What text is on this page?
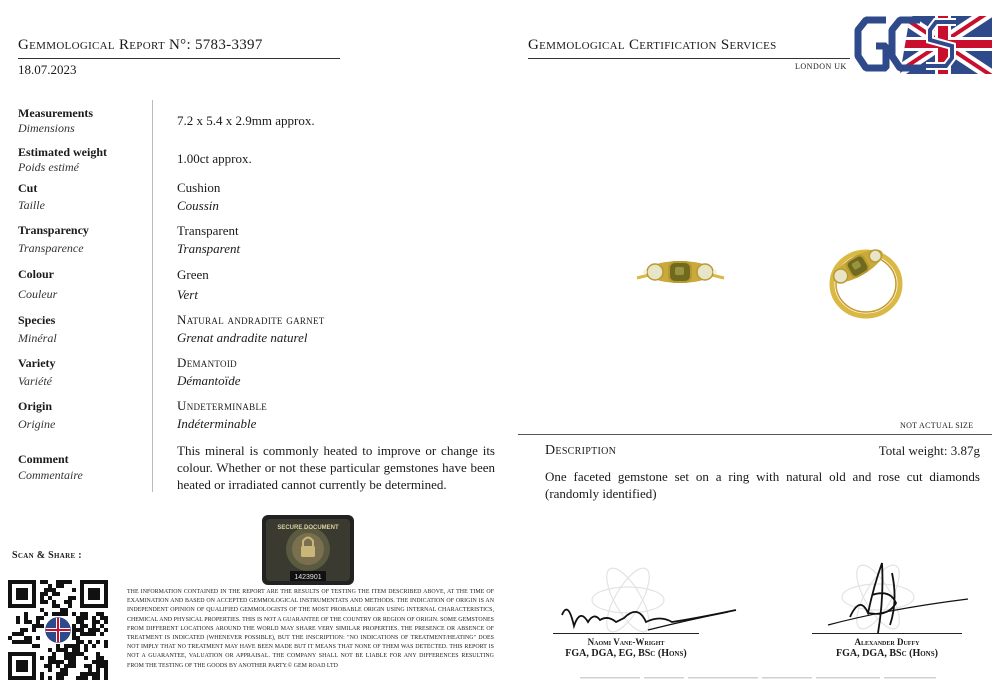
Gemmological Report N°: 5783-3397
18.07.2023
Gemmological Certification Services
LONDON UK
Measurements
Dimensions	7.2 x 5.4 x 2.9mm approx.
Estimated weight
Poids estimé
1.00ct approx.
Cut
Taille
Cushion
Coussin
Transparency
Transparence
Transparent
Transparent
Colour
Couleur
Green
Vert
Species
Minéral
Natural andradite garnet
Grenat andradite naturel
Variety
Variété
Demantoid
Démantoïde
Origin
Origine
Undeterminable
Indéterminable
Comment
Commentaire
This mineral is commonly heated to improve or change its colour. Whether or not these particular gemstones have been heated or irradiated cannot currently be determined.
NOT ACTUAL SIZE
Description	Total weight: 3.87g
One faceted gemstone set on a ring with natural old and rose cut diamonds (randomly identified)
Scan & Share :
SECURE DOCUMENT
1423901
THE INFORMATION CONTAINED IN THE REPORT ARE THE RESULTS OF TESTING THE ITEM DESCRIBED ABOVE, AT THE TIME OF EXAMINATION AND BASED ON ACCEPTED GEMMOLOGICAL INSTRUMENTATS AND METHODS. THE INDICATION OF ORIGIN IS AN INDEPENDENT OPINION OF QUALIFIED GEMMOLOGISTS OF THE MOST PROBABLE ORIGIN USING INTERNAL CHARACTERISTICS, CHEMICAL AND PHYSICAL PROPERTIES. THIS IS NOT A GUARANTEE OF THE COUNTRY OR REGION OF ORIGIN. SOME GEMSTONES FROM DIFFERENT LOCATIONS AROUND THE WORLD MAY SHARE VERY SIMILAR PROPERTIES. THE PRESENCE OR ABSENCE OF TREATMENT IS INDICATED (WHENEVER POSSIBLE), BUT THE INSCRIPTION: "NO INDICATIONS OF TREATMENT/HEATING" DOES NOT IMPLY THAT NO TREATMENT MAY HAVE BEEN MADE BUT IT MEANS THAT NONE OF THEM WAS DETECTED. THIS REPORT IS NOT A GUARANTEE, VALUATION OR APPRAISAL. THE COMPANY SHALL NOT BE LIABLE FOR ANY DIFFERENCES RESULTING FROM THE TESTING OF THE GOODS BY ANOTHER PARTY.© GEM ROAD LTD
Naomi Vane-Wright
FGA, DGA, EG, BSc (Hons)
Alexander Duffy
FGA, DGA, BSc (Hons)
